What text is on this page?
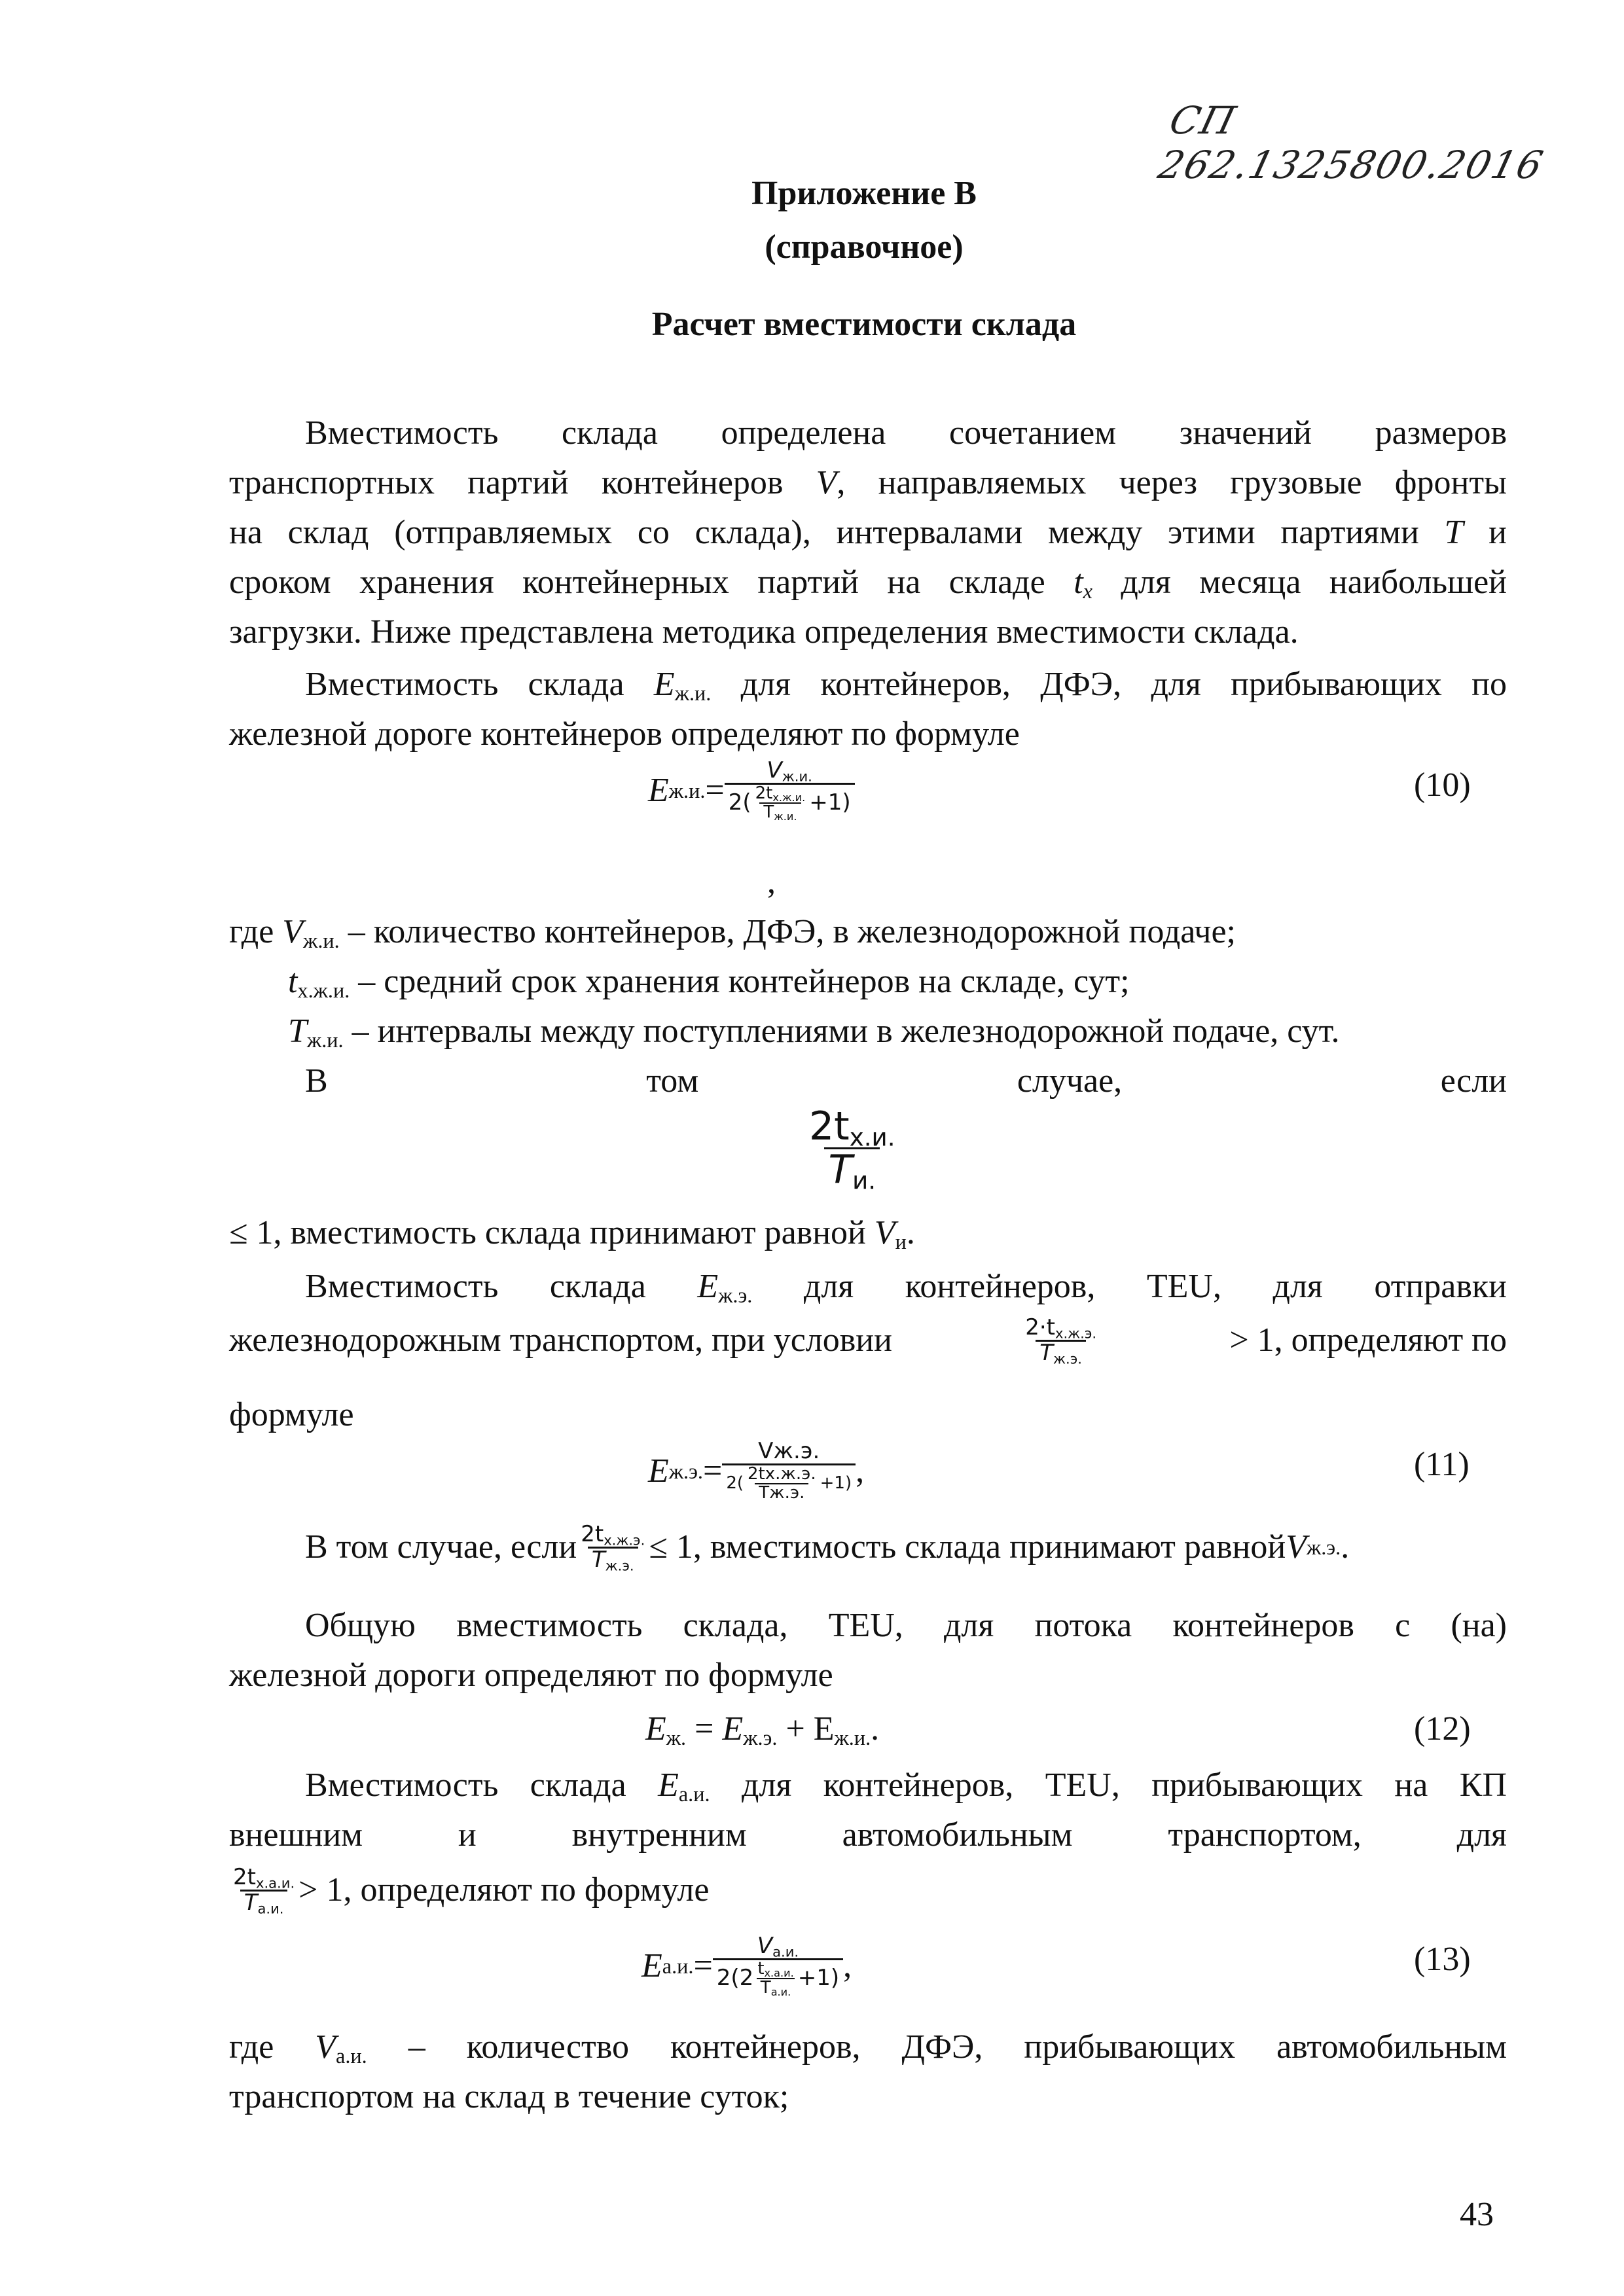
СП 262.1325800.2016
Приложение В
(справочное)
Расчет вместимости склада
Вместимость склада определена сочетанием значений размеров
транспортных партий контейнеров V, направляемых через грузовые фронты
на склад (отправляемых со склада), интервалами между этими партиями T и
сроком хранения контейнерных партий на складе $t_x$ для месяца наибольшей
загрузки. Ниже представлена методика определения вместимости склада.
Вместимость склада $E_{ж.и.}$ для контейнеров, ДФЭ, для прибывающих по
железной дороге контейнеров определяют по формуле
E ж.и. = $\frac{V_{ж.и.}}{2( \frac{2t_{х.ж.и.}}{T_{ж.и.}} +1)}$	(10)
,
где $V_{ж.и.}$ – количество контейнеров, ДФЭ, в железнодорожной подаче;
$t_{х.ж.и.}$ – средний срок хранения контейнеров на складе, сут;
$T_{ж.и.}$ – интервалы между поступлениями в железнодорожной подаче, сут.
В	том	случае,	если
$\frac{2t_{х.и.}}{T_{и.}}$
≤ 1, вместимость склада принимают равной $V_и$.
Вместимость склада $E_{ж.э.}$ для контейнеров, TEU, для отправки
железнодорожным транспортом, при условии	$\frac{2\cdot t_{х.ж.э.}}{T_{ж.э.}}$	> 1, определяют по
формуле
E ж.э. = $\frac{Vж.э.}{2( \frac{2tх.ж.э.}{Tж.э.} +1)}$ ,	(11)
В том случае, если $\frac{2t_{х.ж.э.}}{T_{ж.э.}} \le 1$, вместимость склада принимают равной V ж.э. .
Общую вместимость склада, TEU, для потока контейнеров с (на)
железной дороги определяют по формуле
$E_{ж.} = E_{ж.э.} + E_{ж.и.}$.	(12)
Вместимость склада $E_{а.и.}$ для контейнеров, TEU, прибывающих на КП
внешним	и	внутренним	автомобильным	транспортом,	для
$\frac{2t_{х.а.и.}}{T_{а.и.}} > 1$, определяют по формуле
E а.и. = $\frac{V_{а.и.}}{2(2 \frac{t_{х.а.и.}}{T_{а.и.}} +1)}$ ,	(13)
где $V_{а.и.}$ – количество контейнеров, ДФЭ, прибывающих автомобильным
транспортом на склад в течение суток;
43
